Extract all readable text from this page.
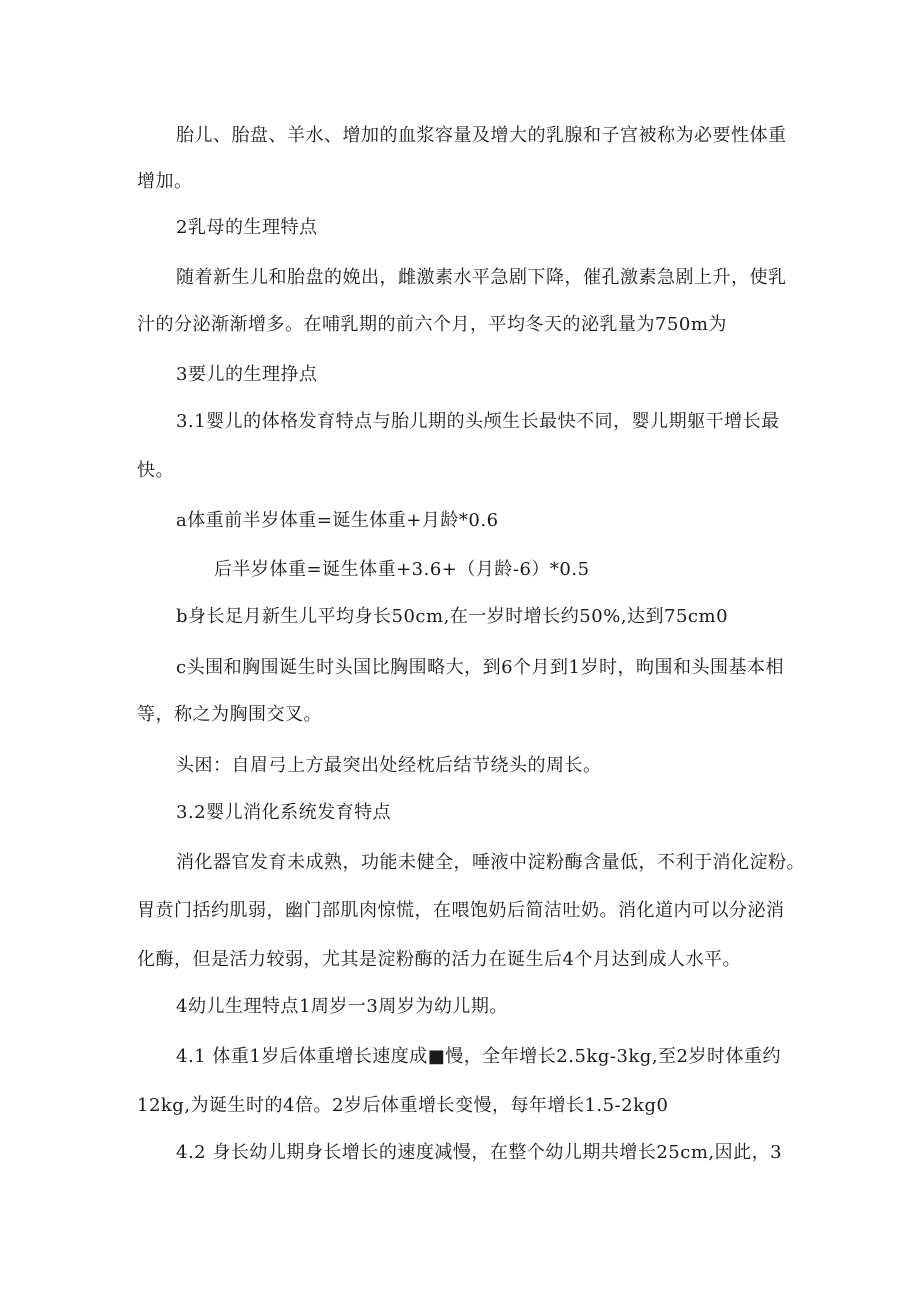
胎儿、胎盘、羊水、增加的血浆容量及增大的乳腺和子宫被称为必要性体重
增加。
2乳母的生理特点
随着新生儿和胎盘的娩出，雌激素水平急剧下降，催孔激素急剧上升，使乳
汁的分泌渐渐增多。在哺乳期的前六个月，平均冬天的泌乳量为750m为
3要儿的生理挣点
3.1婴儿的体格发育特点与胎儿期的头颅生长最快不同，婴儿期躯干增长最
快。
a体重前半岁体重=诞生体重+月龄*0.6
后半岁体重=诞生体重+3.6+（月龄-6）*0.5
b身长足月新生儿平均身长50cm,在一岁时增长约50%,达到75cm0
c头围和胸围诞生时头国比胸围略大，到6个月到1岁时，昫围和头围基本相
等，称之为胸围交叉。
头困：自眉弓上方最突出处经枕后结节绕头的周长。
3.2婴儿消化系统发育特点
消化器官发育未成熟，功能未健全，唾液中淀粉酶含量低，不利于消化淀粉。
胃贲门括约肌弱，幽门部肌肉惊慌，在喂饱奶后简洁吐奶。消化道内可以分泌消
化酶，但是活力较弱，尤其是淀粉酶的活力在诞生后4个月达到成人水平。
4幼儿生理特点1周岁一3周岁为幼儿期。
4.1 体重1岁后体重增长速度成■慢，全年增长2.5kg-3kg,至2岁时体重约
12kg,为诞生时的4倍。2岁后体重增长变慢，每年增长1.5-2kg0
4.2 身长幼儿期身长增长的速度减慢，在整个幼儿期共增长25cm,因此，3
